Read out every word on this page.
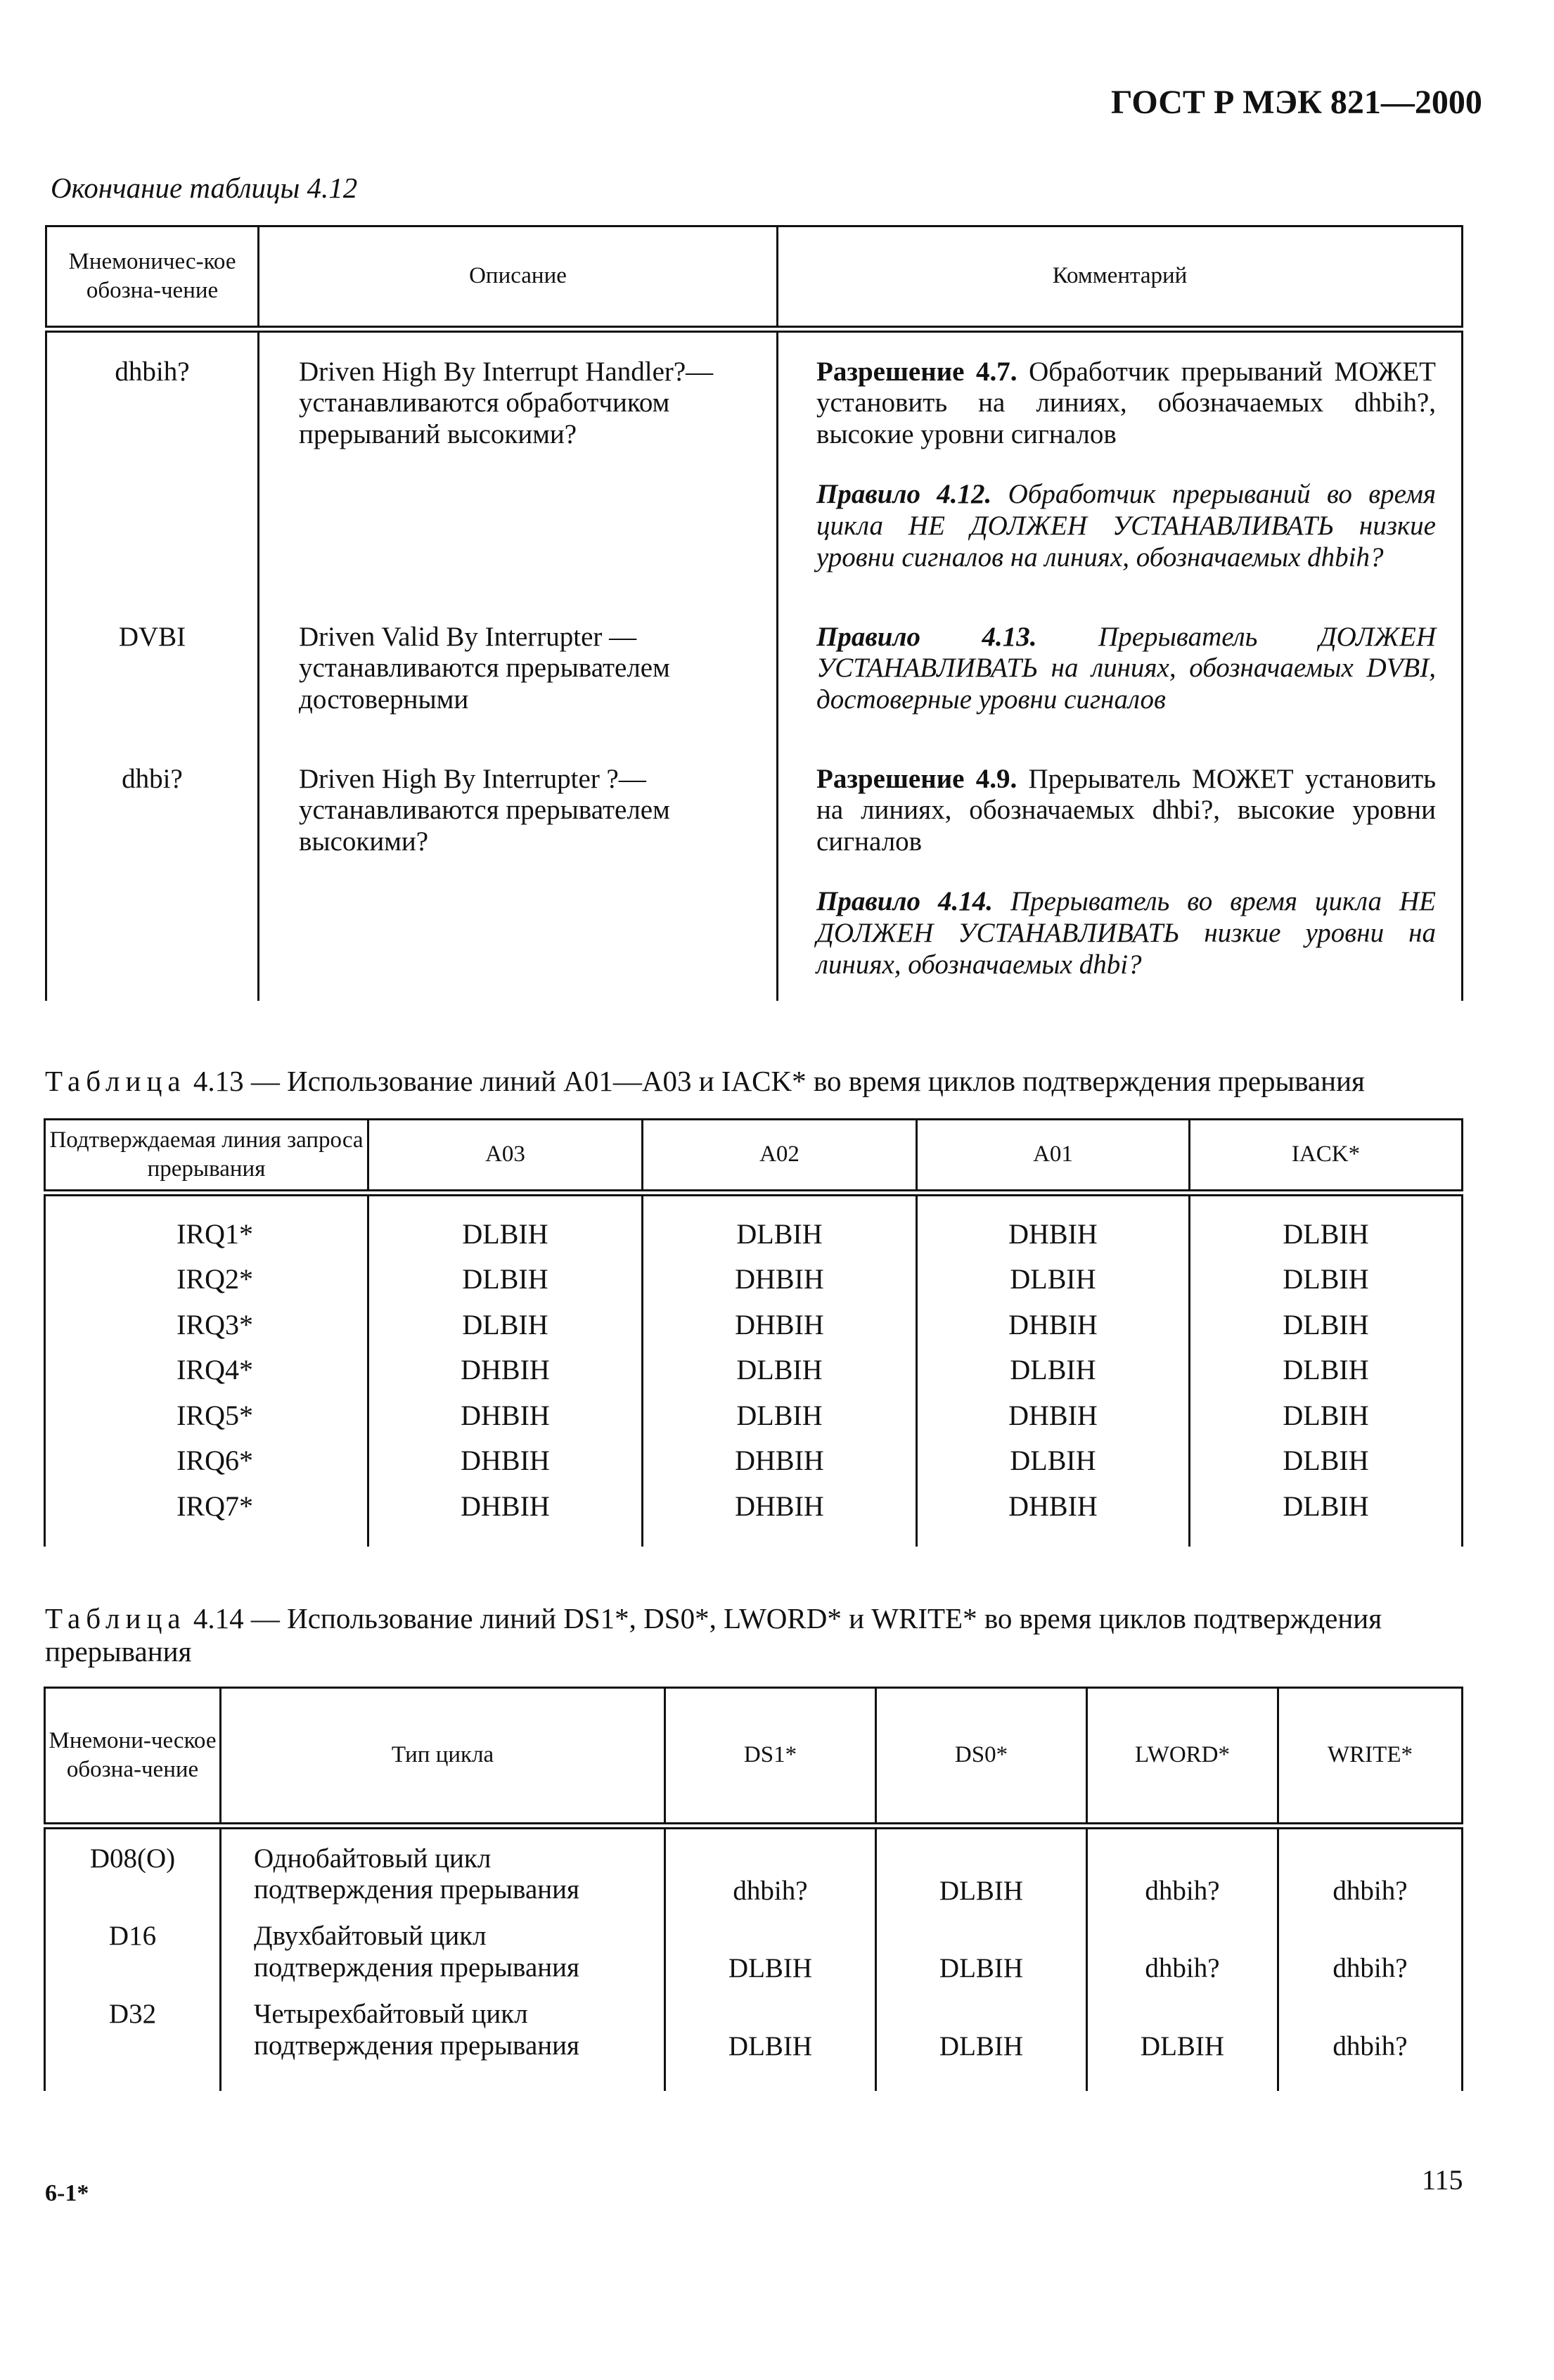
ГОСТ Р МЭК 821—2000
Окончание таблицы 4.12
Мнемоничес-кое обозна-чение	Описание	Комментарий
dhbih?	Driven High By Interrupt Handler?— устанавливаются обработчиком прерываний высокими?	Разрешение 4.7. Обработчик прерываний МОЖЕТ установить на линиях, обозначаемых dhbih?, высокие уровни сигналов
Правило 4.12. Обработчик прерываний во время цикла НЕ ДОЛЖЕН УСТАНАВЛИВАТЬ низкие уровни сигналов на линиях, обозначаемых dhbih?

DVBI	Driven Valid By Interrupter — устанавливаются прерывателем достоверными	Правило 4.13. Прерыватель ДОЛЖЕН УСТАНАВЛИВАТЬ на линиях, обозначаемых DVBI, достоверные уровни сигналов

dhbi?	Driven High By Interrupter ?— устанавливаются прерывателем высокими?	Разрешение 4.9. Прерыватель МОЖЕТ установить на линиях, обозначаемых dhbi?, высокие уровни сигналов
Правило 4.14. Прерыватель во время цикла НЕ ДОЛЖЕН УСТАНАВЛИВАТЬ низкие уровни на линиях, обозначаемых dhbi?
Таблица 4.13 — Использование линий A01—A03 и IACK* во время циклов подтверждения прерывания
Подтверждаемая линия запроса прерывания	A03	A02	A01	IACK*
IRQ1*	DLBIH	DLBIH	DHBIH	DLBIH
IRQ2*	DLBIH	DHBIH	DLBIH	DLBIH
IRQ3*	DLBIH	DHBIH	DHBIH	DLBIH
IRQ4*	DHBIH	DLBIH	DLBIH	DLBIH
IRQ5*	DHBIH	DLBIH	DHBIH	DLBIH
IRQ6*	DHBIH	DHBIH	DLBIH	DLBIH
IRQ7*	DHBIH	DHBIH	DHBIH	DLBIH
Таблица 4.14 — Использование линий DS1*, DS0*, LWORD* и WRITE* во время циклов подтверждения прерывания
Мнемони-ческое обозна-чение	Тип цикла	DS1*	DS0*	LWORD*	WRITE*
D08(O)	Однобайтовый цикл подтверждения прерывания	dhbih?	DLBIH	dhbih?	dhbih?
D16	Двухбайтовый цикл подтверждения прерывания	DLBIH	DLBIH	dhbih?	dhbih?
D32	Четырехбайтовый цикл подтверждения прерывания	DLBIH	DLBIH	DLBIH	dhbih?
6-1*	115
